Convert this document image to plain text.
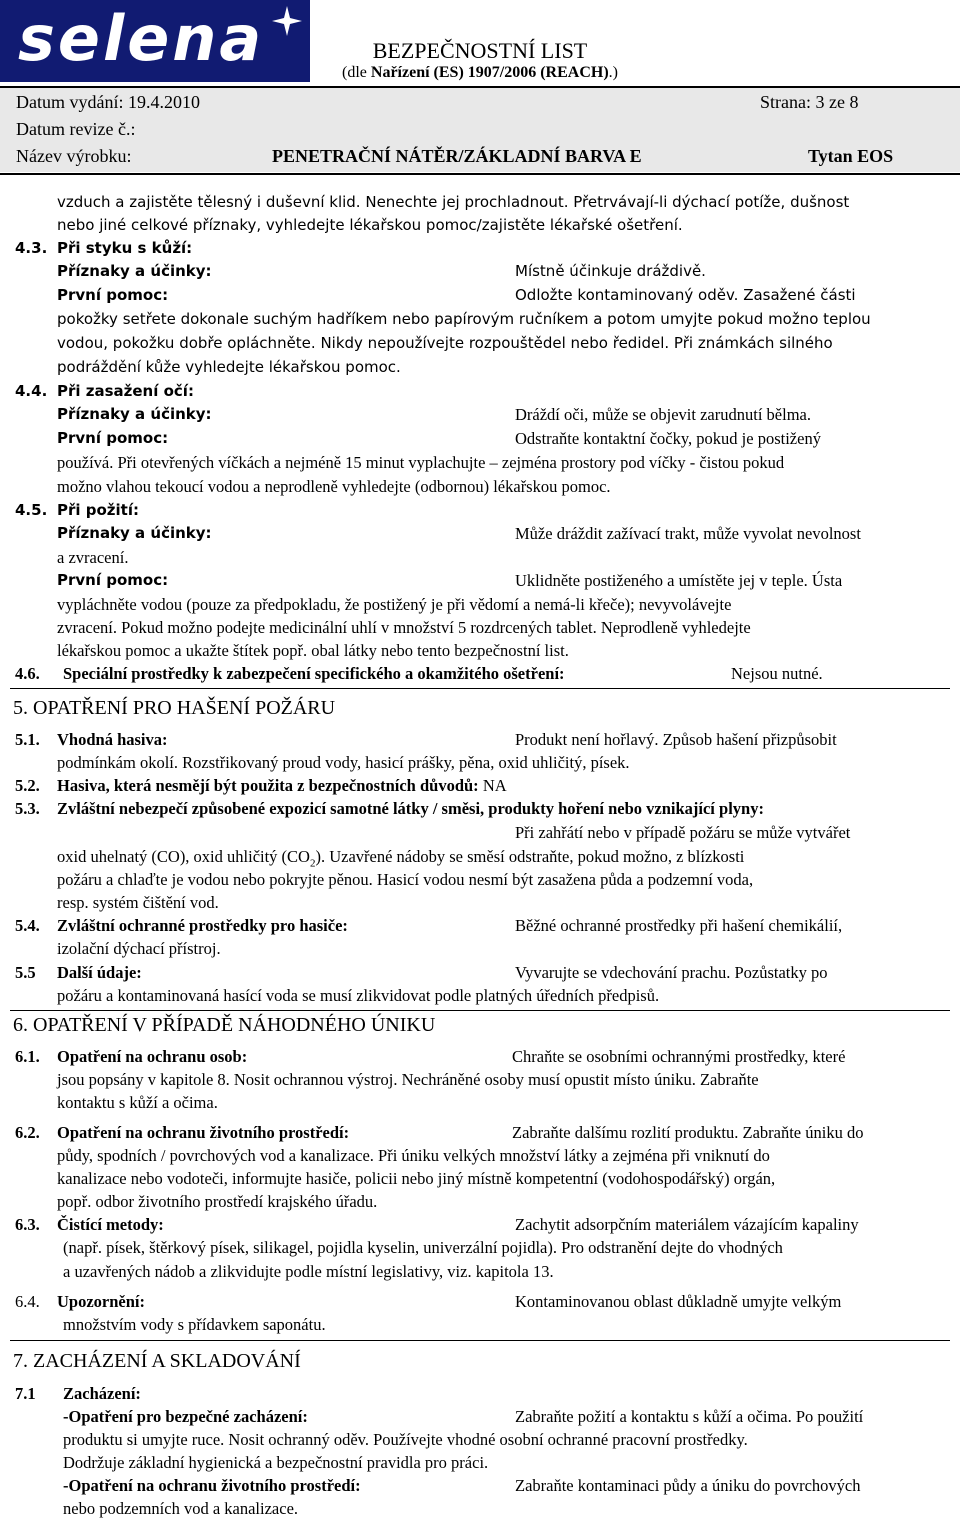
selena	BEZPEČNOSTNÍ LIST
(dle Nařízení (ES) 1907/2006 (REACH).)
Datum vydání: 19.4.2010	Strana: 3 ze 8
Datum revize č.:
Název výrobku:	PENETRAČNÍ NÁTĚR/ZÁKLADNÍ BARVA E	Tytan EOS
vzduch a zajistěte tělesný i duševní klid. Nenechte jej prochladnout. Přetrvávají-li dýchací potíže, dušnost
nebo jiné celkové příznaky, vyhledejte lékařskou pomoc/zajistěte lékařské ošetření.
4.3. Při styku s kůží:
Příznaky a účinky:	Místně účinkuje dráždivě.
První pomoc:	Odložte kontaminovaný oděv. Zasažené části
pokožky setřete dokonale suchým hadříkem nebo papírovým ručníkem a potom umyjte pokud možno teplou
vodou, pokožku dobře opláchněte. Nikdy nepoužívejte rozpouštědel nebo ředidel. Při známkách silného
podráždění kůže vyhledejte lékařskou pomoc.
4.4. Při zasažení očí:
Příznaky a účinky:	Dráždí oči, může se objevit zarudnutí bělma.
První pomoc:	Odstraňte kontaktní čočky, pokud je postižený
používá. Při otevřených víčkách a nejméně 15 minut vyplachujte – zejména prostory pod víčky - čistou pokud
možno vlahou tekoucí vodou a neprodleně vyhledejte (odbornou) lékařskou pomoc.
4.5. Při požití:
Příznaky a účinky:	Může dráždit zažívací trakt, může vyvolat nevolnost
a zvracení.
První pomoc:	Uklidněte postiženého a umístěte jej v teple. Ústa
vypláchněte vodou (pouze za předpokladu, že postižený je při vědomí a nemá-li křeče); nevyvolávejte
zvracení. Pokud možno podejte medicinální uhlí v množství 5 rozdrcených tablet. Neprodleně vyhledejte
lékařskou pomoc a ukažte štítek popř. obal látky nebo tento bezpečnostní list.
4.6. Speciální prostředky k zabezpečení specifického a okamžitého ošetření:	Nejsou nutné.
5. OPATŘENÍ PRO HAŠENÍ POŽÁRU
5.1. Vhodná hasiva:	Produkt není hořlavý. Způsob hašení přizpůsobit
podmínkám okolí. Rozstřikovaný proud vody, hasicí prášky, pěna, oxid uhličitý, písek.
5.2. Hasiva, která nesmějí být použita z bezpečnostních důvodů: NA
5.3. Zvláštní nebezpečí způsobené expozicí samotné látky / směsi, produkty hoření nebo vznikající plyny:
Při zahřátí nebo v případě požáru se může vytvářet
oxid uhelnatý (CO), oxid uhličitý $(CO_2)$. Uzavřené nádoby se směsí odstraňte, pokud možno, z blízkosti
požáru a chlaďte je vodou nebo pokryjte pěnou. Hasicí vodou nesmí být zasažena půda a podzemní voda,
resp. systém čištění vod.
5.4. Zvláštní ochranné prostředky pro hasiče:	Běžné ochranné prostředky při hašení chemikálií,
izolační dýchací přístroj.
5.5 Další údaje:	Vyvarujte se vdechování prachu. Pozůstatky po
požáru a kontaminovaná hasící voda se musí zlikvidovat podle platných úředních předpisů.
6. OPATŘENÍ V PŘÍPADĚ NÁHODNÉHO ÚNIKU
6.1. Opatření na ochranu osob:	Chraňte se osobními ochrannými prostředky, které
jsou popsány v kapitole 8. Nosit ochrannou výstroj. Nechráněné osoby musí opustit místo úniku. Zabraňte
kontaktu s kůží a očima.
6.2. Opatření na ochranu životního prostředí:	Zabraňte dalšímu rozlití produktu. Zabraňte úniku do
půdy, spodních / povrchových vod a kanalizace. Při úniku velkých množství látky a zejména při vniknutí do
kanalizace nebo vodoteči, informujte hasiče, policii nebo jiný místně kompetentní (vodohospodářský) orgán,
popř. odbor životního prostředí krajského úřadu.
6.3. Čistící metody:	Zachytit adsorpčním materiálem vázajícím kapaliny
(např. písek, štěrkový písek, silikagel, pojidla kyselin, univerzální pojidla). Pro odstranění dejte do vhodných
a uzavřených nádob a zlikvidujte podle místní legislativy, viz. kapitola 13.
6.4. Upozornění:	Kontaminovanou oblast důkladně umyjte velkým
množstvím vody s přídavkem saponátu.
7. ZACHÁZENÍ A SKLADOVÁNÍ
7.1 Zacházení:
-Opatření pro bezpečné zacházení:	Zabraňte požití a kontaktu s kůží a očima. Po použití
produktu si umyjte ruce. Nosit ochranný oděv. Používejte vhodné osobní ochranné pracovní prostředky.
Dodržuje základní hygienická a bezpečnostní pravidla pro práci.
-Opatření na ochranu životního prostředí:	Zabraňte kontaminaci půdy a úniku do povrchových
nebo podzemních vod a kanalizace.
